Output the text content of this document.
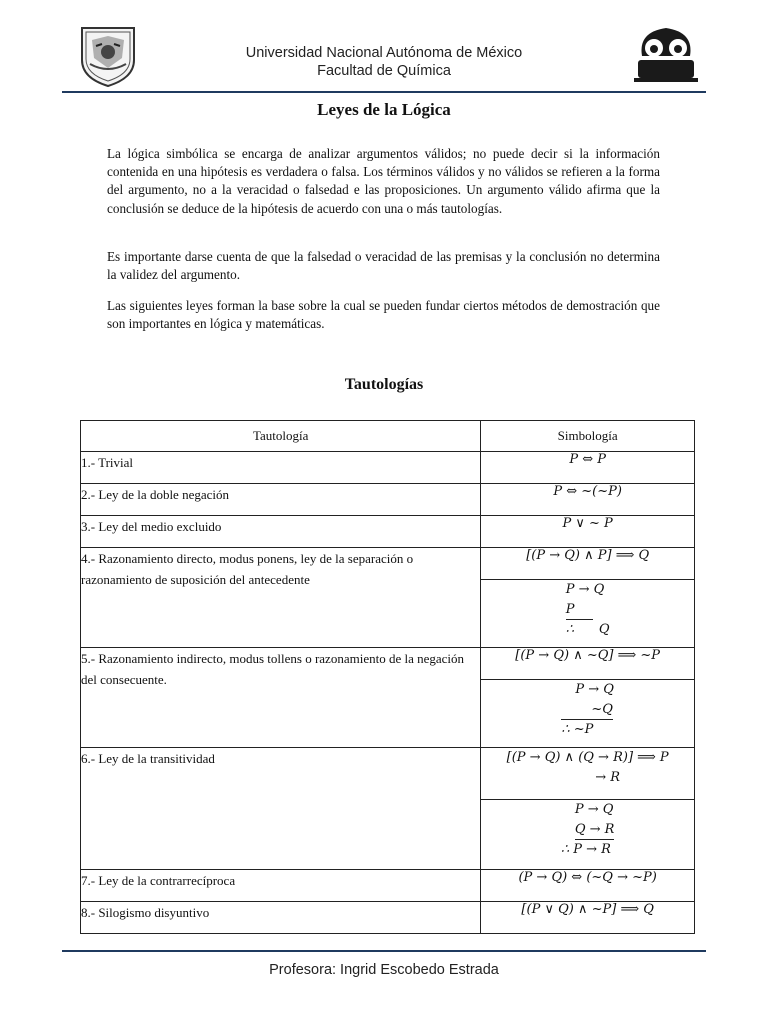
Universidad Nacional Autónoma de México
Facultad de Química
Leyes de la Lógica

La lógica simbólica se encarga de analizar argumentos válidos; no puede decir si la información contenida en una hipótesis es verdadera o falsa. Los términos válidos y no válidos se refieren a la forma del argumento, no a la veracidad o falsedad e las proposiciones. Un argumento válido afirma que la conclusión se deduce de la hipótesis de acuerdo con una o más tautologías.

Es importante darse cuenta de que la falsedad o veracidad de las premisas y la conclusión no determina la validez del argumento.

Las siguientes leyes forman la base sobre la cual se pueden fundar ciertos métodos de demostración que son importantes en lógica y matemáticas.

Tautologías
Tautología	Simbología
1.- Trivial	P ⇔ P
2.- Ley de la doble negación	P ⇔ ~(~P)
3.- Ley del medio excluido	P ∨ ~ P
4.- Razonamiento directo, modus ponens, ley de la separación o razonamiento de suposición del antecedente	[(P → Q) ∧ P] ⟹ Q

	P → Q
P
∴      Q

5.- Razonamiento indirecto, modus tollens o razonamiento de la negación del consecuente.	[(P → Q) ∧ ~Q] ⟹ ~P

	P → Q
~Q
∴ ~P

6.- Ley de la transitividad	[(P → Q) ∧ (Q → R)] ⟹ P
→ R

	P → Q
Q → R
∴ P → R

7.- Ley de la contrarrecíproca	(P → Q) ⇔ (~Q → ~P)
8.- Silogismo disyuntivo	[(P ∨ Q) ∧ ~P] ⟹ Q
Profesora: Ingrid Escobedo Estrada
